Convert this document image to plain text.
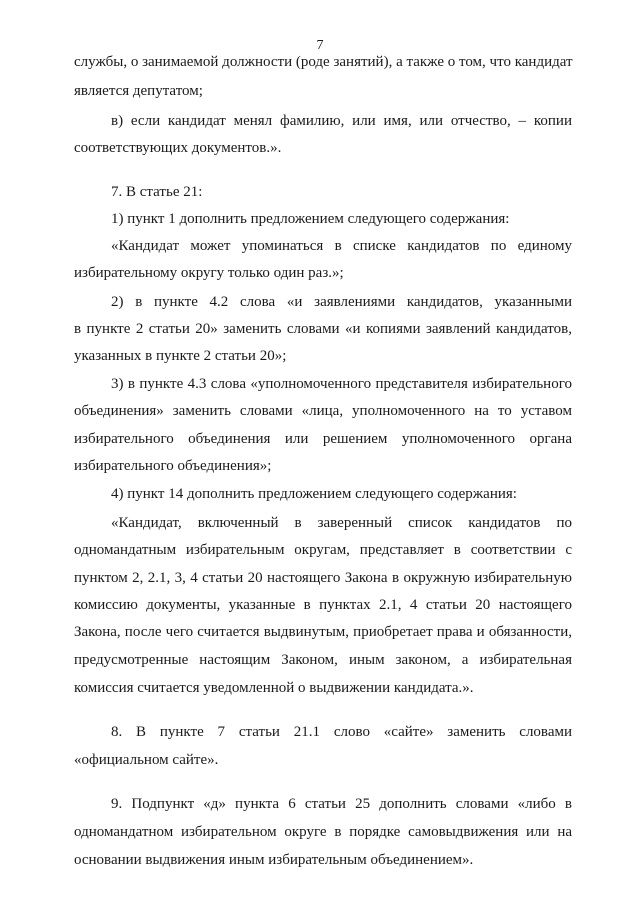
7
службы, о занимаемой должности (роде занятий), а также о том, что кандидат
является депутатом;
в) если кандидат менял фамилию, или имя, или отчество, – копии
соответствующих документов.».
7. В статье 21:
1) пункт 1 дополнить предложением следующего содержания:
«Кандидат может упоминаться в списке кандидатов по единому
избирательному округу только один раз.»;
2) в пункте 4.2 слова «и заявлениями кандидатов, указанными
в пункте 2 статьи 20» заменить словами «и копиями заявлений кандидатов,
указанных в пункте 2 статьи 20»;
3) в пункте 4.3 слова «уполномоченного представителя избирательного
объединения» заменить словами «лица, уполномоченного на то уставом
избирательного объединения или решением уполномоченного органа
избирательного объединения»;
4) пункт 14 дополнить предложением следующего содержания:
«Кандидат, включенный в заверенный список кандидатов по
одномандатным избирательным округам, представляет в соответствии с
пунктом 2, 2.1, 3, 4 статьи 20 настоящего Закона в окружную избирательную
комиссию документы, указанные в пунктах 2.1, 4 статьи 20 настоящего
Закона, после чего считается выдвинутым, приобретает права и обязанности,
предусмотренные настоящим Законом, иным законом, а избирательная
комиссия считается уведомленной о выдвижении кандидата.».
8. В пункте 7 статьи 21.1 слово «сайте» заменить словами
«официальном сайте».
9. Подпункт «д» пункта 6 статьи 25 дополнить словами «либо в
одномандатном избирательном округе в порядке самовыдвижения или на
основании выдвижения иным избирательным объединением».
